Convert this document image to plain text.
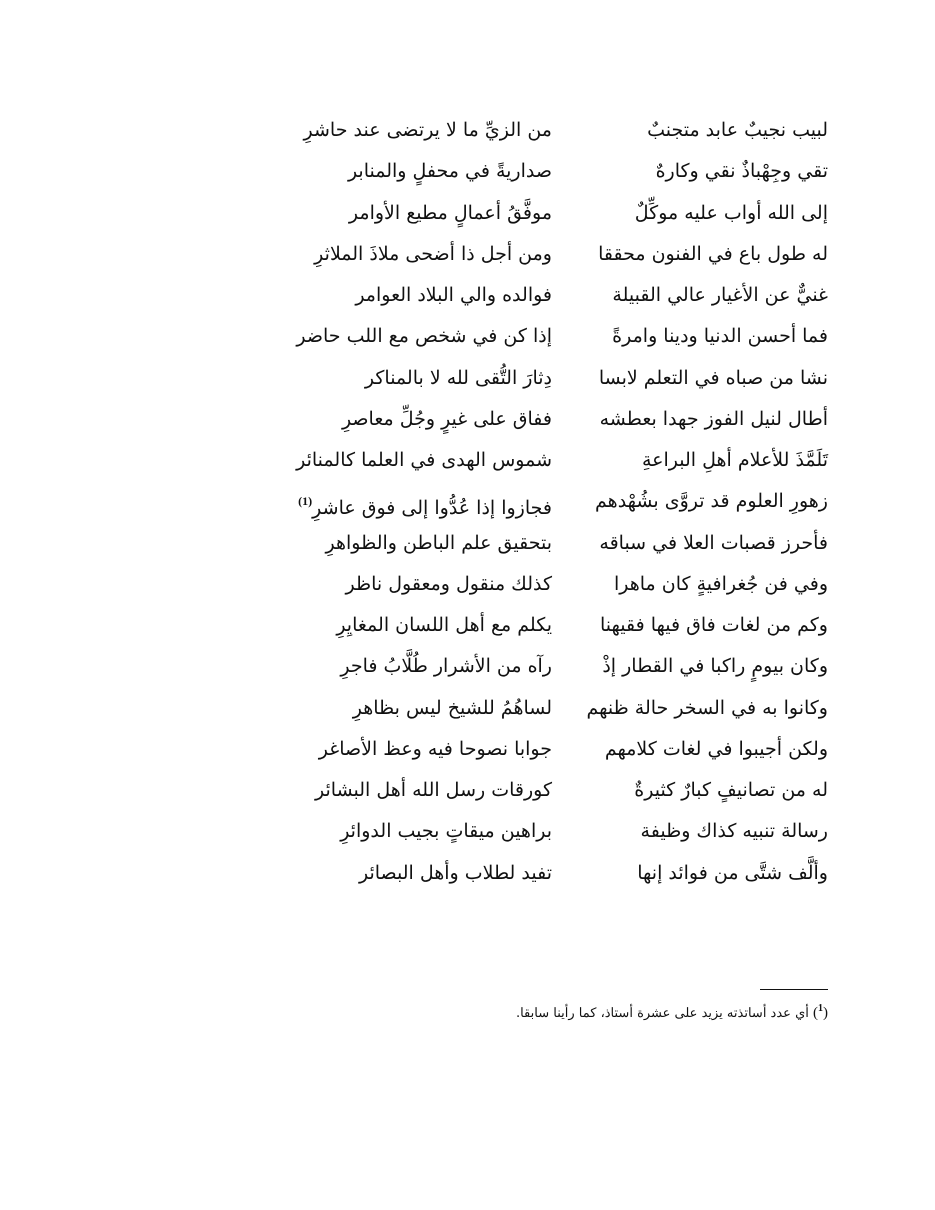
لبيب نجيبٌ عابد متجنبٌ
من الزيِّ ما لا يرتضى عند حاشرِ
تقي وجِهْباذٌ نقي وكارهٌ
صداريةً في محفلٍ والمنابر
إلى الله أواب عليه موكِّلٌ
موفَّقُ أعمالٍ مطيع الأوامر
له طول باع في الفنون محققا
ومن أجل ذا أضحى ملاذَ الملاثرِ
غنيٌّ عن الأغيار عالي القبيلة
فوالده والي البلاد العوامر
فما أحسن الدنيا ودينا وامرةً
إذا كن في شخص مع اللب حاضر
نشا من صباه في التعلم لابسا
دِثارَ التُّقى لله لا بالمناكر
أطال لنيل الفوز جهدا بعطشه
ففاق على غيرٍ وجُلِّ معاصرِ
تَلَمَّذَ للأعلام أهلِ البراعةِ
شموس الهدى في العلما كالمنائر
زهورِ العلوم قد تروَّى بشُهْدهم
فجازوا إذا عُدُّوا إلى فوق عاشرِ$^{(1)}$
فأحرز قصبات العلا في سباقه
بتحقيق علم الباطن والظواهرِ
وفي فن جُغرافيةٍ كان ماهرا
كذلك منقول ومعقول ناظر
وكم من لغات فاق فيها فقيهنا
يكلم مع أهل اللسان المغايِرِ
وكان بيومٍ راكبا في القطار إذْ
رآه من الأشرار طُلَّابُ فاجرِ
وكانوا به في السخر حالة ظنهم
لساهُمُ للشيخ ليس بظاهرِ
ولكن أجيبوا في لغات كلامهم
جوابا نصوحا فيه وعظ الأصاغر
له من تصانيفٍ كبارٌ كثيرةٌ
كورقات رسل الله أهل البشائر
رسالة تنبيه كذاك وظيفة
براهين ميقاتٍ بجيب الدوائرِ
وألَّف شتَّى من فوائد إنها
تفيد لطلاب وأهل البصائر
($^1$) أي عدد أساتذته يزيد على عشرة أستاذ، كما رأينا سابقا.
